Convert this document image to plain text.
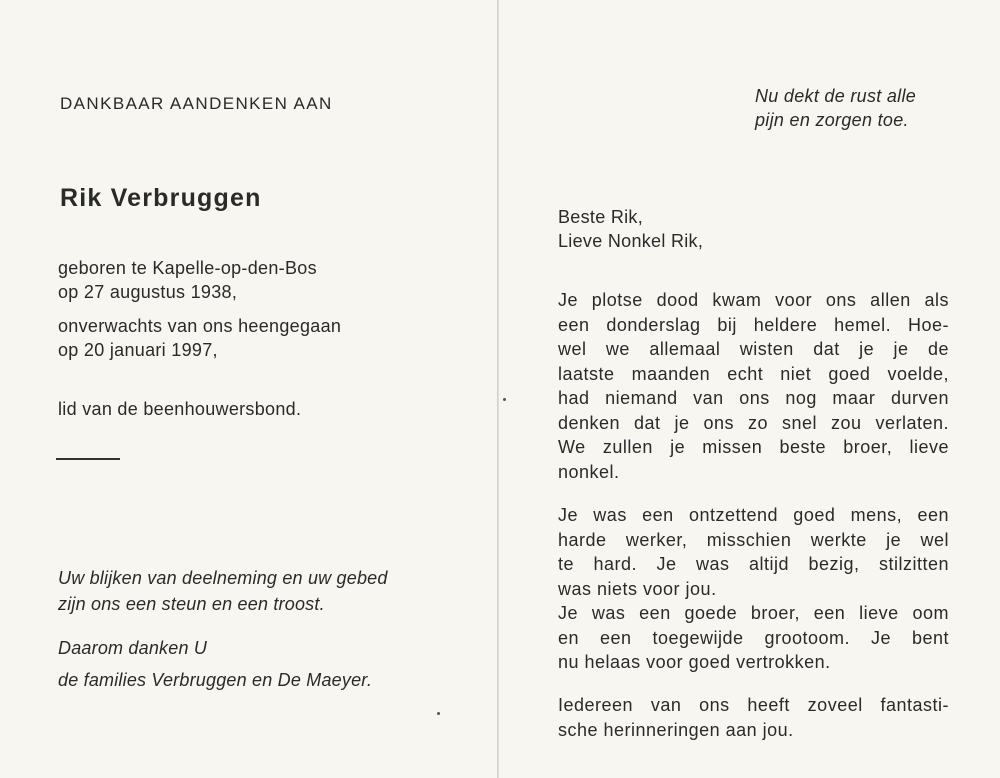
DANKBAAR AANDENKEN AAN
Rik Verbruggen
geboren te Kapelle-op-den-Bos
op 27 augustus 1938,
onverwachts van ons heengegaan
op 20 januari 1997,
lid van de beenhouwersbond.
Uw blijken van deelneming en uw gebed
zijn ons een steun en een troost.
Daarom danken U
de families Verbruggen en De Maeyer.
Nu dekt de rust alle
pijn en zorgen toe.
Beste Rik,
Lieve Nonkel Rik,
Je plotse dood kwam voor ons allen als
een donderslag bij heldere hemel. Hoe-
wel we allemaal wisten dat je je de
laatste maanden echt niet goed voelde,
had niemand van ons nog maar durven
denken dat je ons zo snel zou verlaten.
We zullen je missen beste broer, lieve
nonkel.
Je was een ontzettend goed mens, een
harde werker, misschien werkte je wel
te hard. Je was altijd bezig, stilzitten
was niets voor jou.
Je was een goede broer, een lieve oom
en een toegewijde grootoom. Je bent
nu helaas voor goed vertrokken.
Iedereen van ons heeft zoveel fantasti-
sche herinneringen aan jou.
